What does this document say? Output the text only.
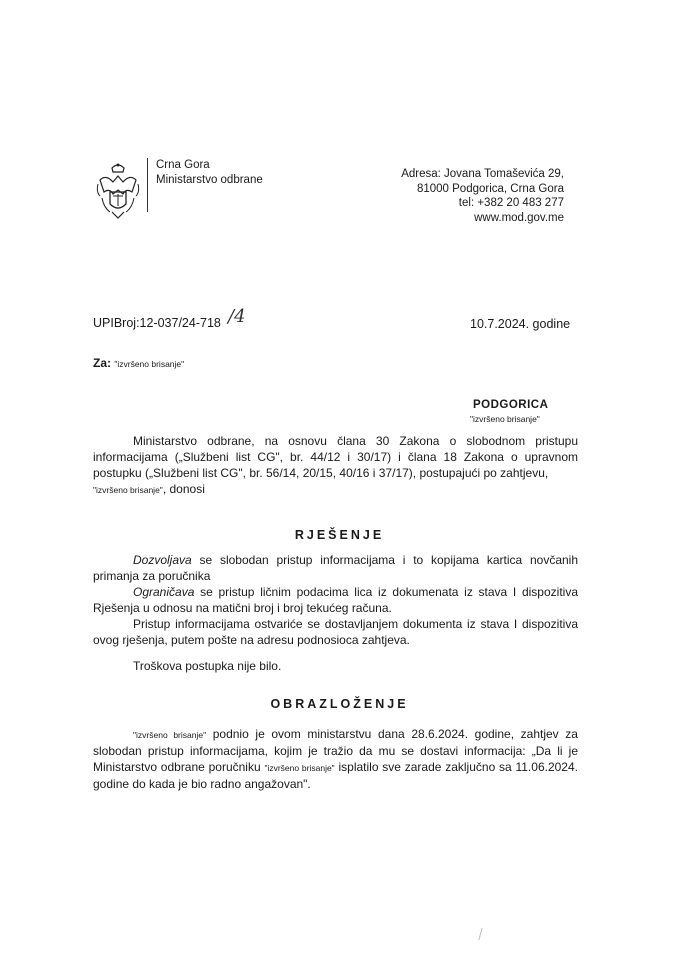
Crna Gora
Ministarstvo odbrane	Adresa: Jovana Tomaševića 29,
81000 Podgorica, Crna Gora
tel: +382 20 483 277
www.mod.gov.me
UPIBroj:12-037/24-718 /4	10.7.2024. godine
Za: "izvršeno brisanje"
PODGORICA
"izvršeno brisanje"
Ministarstvo odbrane, na osnovu člana 30 Zakona o slobodnom pristupu informacijama („Službeni list CG", br. 44/12 i 30/17) i člana 18 Zakona o upravnom postupku („Službeni list CG", br. 56/14, 20/15, 40/16 i 37/17), postupajući po zahtjevu,
"izvršeno brisanje", donosi
RJEŠENJE
Dozvoljava se slobodan pristup informacijama i to kopijama kartica novčanih primanja za poručnika
Ograničava se pristup ličnim podacima lica iz dokumenata iz stava I dispozitiva Rješenja u odnosu na matični broj i broj tekućeg računa.
Pristup informacijama ostvariće se dostavljanjem dokumenta iz stava I dispozitiva ovog rješenja, putem pošte na adresu podnosioca zahtjeva.
Troškova postupka nije bilo.
OBRAZLOŽENJE
"izvršeno brisanje" podnio je ovom ministarstvu dana 28.6.2024. godine, zahtjev za slobodan pristup informacijama, kojim je tražio da mu se dostavi informacija: „Da li je Ministarstvo odbrane poručniku "izvršeno brisanje" isplatilo sve zarade zaključno sa 11.06.2024. godine do kada je bio radno angažovan".
